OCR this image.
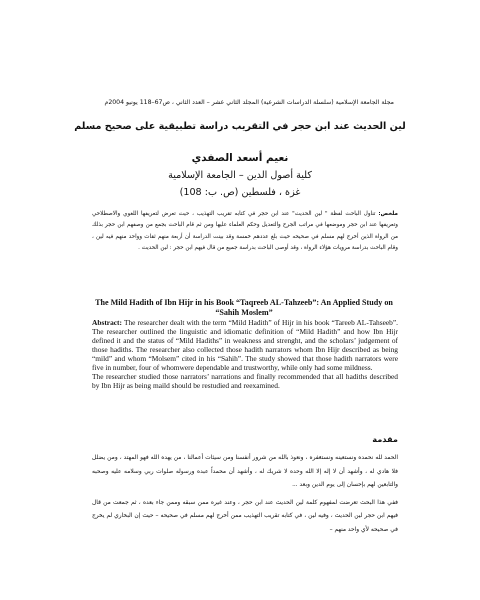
مجلة الجامعة الإسلامية (سلسلة الدراسات الشرعية) المجلد الثاني عشر – العدد الثاني ، ص67–118 يونيو 2004م
لين الحديث عند ابن حجر في التقريب دراسة تطبيقية على صحيح مسلم
نعيم أسعد الصفدي
كلية أصول الدين – الجامعة الإسلامية
غزة ، فلسطين (ص. ب: 108)
ملخص: تناول الباحث لفظة " لين الحديث" عند ابن حجر في كتابه تقريب التهذيب ، حيث تعرض لتعريفها اللغوي والاصطلاحي وتعريفها عند ابن حجر وموضعها في مراتب الجرح والتعديل وحكم العلماء عليها ومن ثم قام الباحث بجمع من وصفهم ابن حجر بذلك من الرواة الذين أخرج لهم مسلم في صحيحه حيث بلغ عددهم خمسة وقد بينت الدراسة أن أربعة منهم ثقات وواحد منهم فيه لين ، وقام الباحث بدراسة مرويات هؤلاء الرواة ، وقد أوصى الباحث بدراسة جميع من قال فيهم ابن حجر : لين الحديث .
The Mild Hadith of Ibn Hijr in his Book “Taqreeb AL-Tahzeeb”: An Applied Study on “Sahih Moslem”

Abstract: The researcher dealt with the term “Mild Hadith” of Hijr in his book “Tareeb AL-Tahseeb”. The researcher outlined the linguistic and idiomatic definition of “Mild Hadith” and how Ibn Hijr defined it and the status of “Mild Hadiths” in weakness and strenght, and the scholars’ judgement of those hadiths. The researcher also collected those hadith narrators whom Ibn Hijr described as being “mild” and whom “Molsem” cited in his “Sahih”. The study showed that those hadith narrators were five in number, four of whomwere dependable and trustworthy, while only had some mildness.

The researcher studied those narrators’ narrations and finally recommended that all hadiths described by Ibn Hijr as being maild should be restudied and reexamined.

مقدمة

الحمد لله نحمده ونستعينه ونستغفره ، ونعوذ بالله من شرور أنفسنا ومن سيئات أعمالنا ، من يهده الله فهو المهتد ، ومن يضلل فلا هادي له ، وأشهد أن لا إله إلا الله وحده لا شريك له ، وأشهد أن محمداً عبده ورسوله صلوات ربي وسلامه عليه وصحبه والتابعين لهم بإحسان إلى يوم الدين وبعد ...

ففي هذا البحث تعرضت لمفهوم كلمة لين الحديث عند ابن حجر ، وعند غيره ممن سبقه وممن جاء بعده ، ثم جمعت من قال فيهم ابن حجر لين الحديث ، وفيه لين ، في كتابه تقريب التهذيب ممن أخرج لهم مسلم في صحيحه – حيث إن البخاري لم يخرج في صحيحه لأي واحد منهم –
